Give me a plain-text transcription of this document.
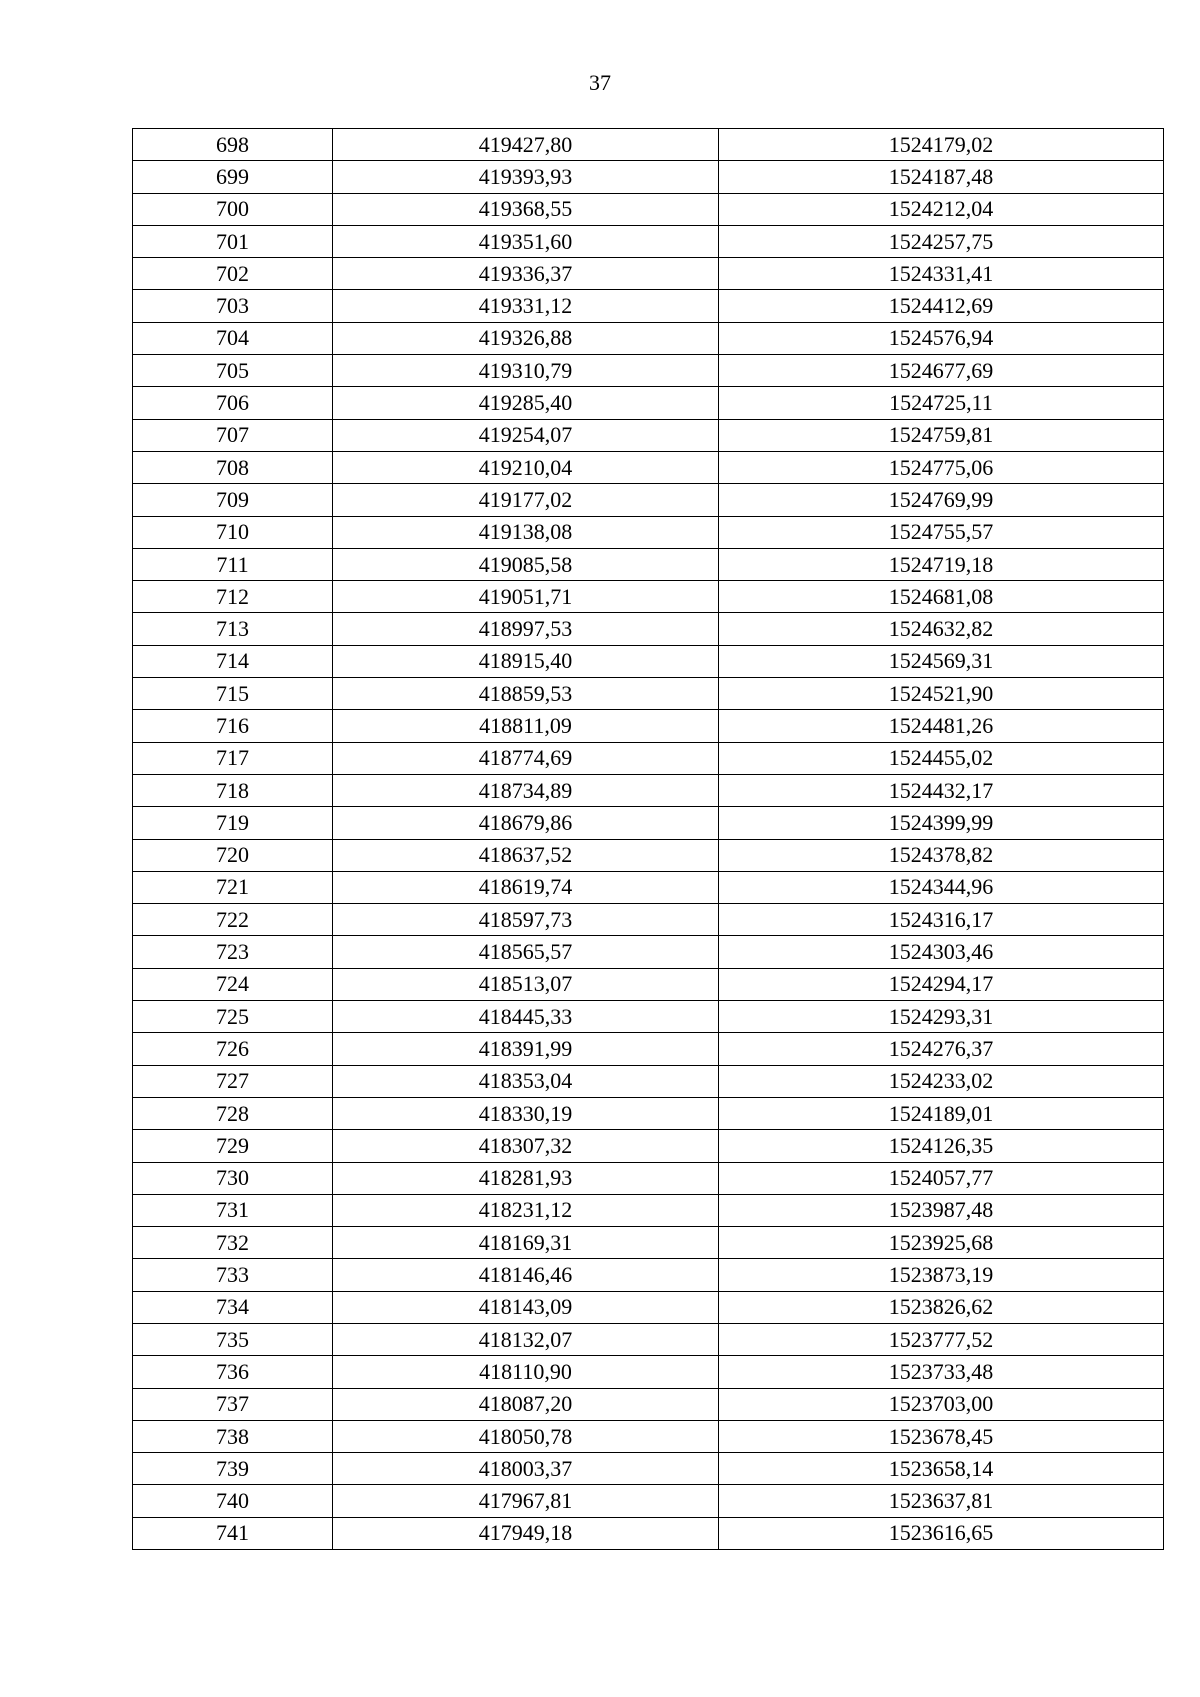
37
698	419427,80	1524179,02
699	419393,93	1524187,48
700	419368,55	1524212,04
701	419351,60	1524257,75
702	419336,37	1524331,41
703	419331,12	1524412,69
704	419326,88	1524576,94
705	419310,79	1524677,69
706	419285,40	1524725,11
707	419254,07	1524759,81
708	419210,04	1524775,06
709	419177,02	1524769,99
710	419138,08	1524755,57
711	419085,58	1524719,18
712	419051,71	1524681,08
713	418997,53	1524632,82
714	418915,40	1524569,31
715	418859,53	1524521,90
716	418811,09	1524481,26
717	418774,69	1524455,02
718	418734,89	1524432,17
719	418679,86	1524399,99
720	418637,52	1524378,82
721	418619,74	1524344,96
722	418597,73	1524316,17
723	418565,57	1524303,46
724	418513,07	1524294,17
725	418445,33	1524293,31
726	418391,99	1524276,37
727	418353,04	1524233,02
728	418330,19	1524189,01
729	418307,32	1524126,35
730	418281,93	1524057,77
731	418231,12	1523987,48
732	418169,31	1523925,68
733	418146,46	1523873,19
734	418143,09	1523826,62
735	418132,07	1523777,52
736	418110,90	1523733,48
737	418087,20	1523703,00
738	418050,78	1523678,45
739	418003,37	1523658,14
740	417967,81	1523637,81
741	417949,18	1523616,65
